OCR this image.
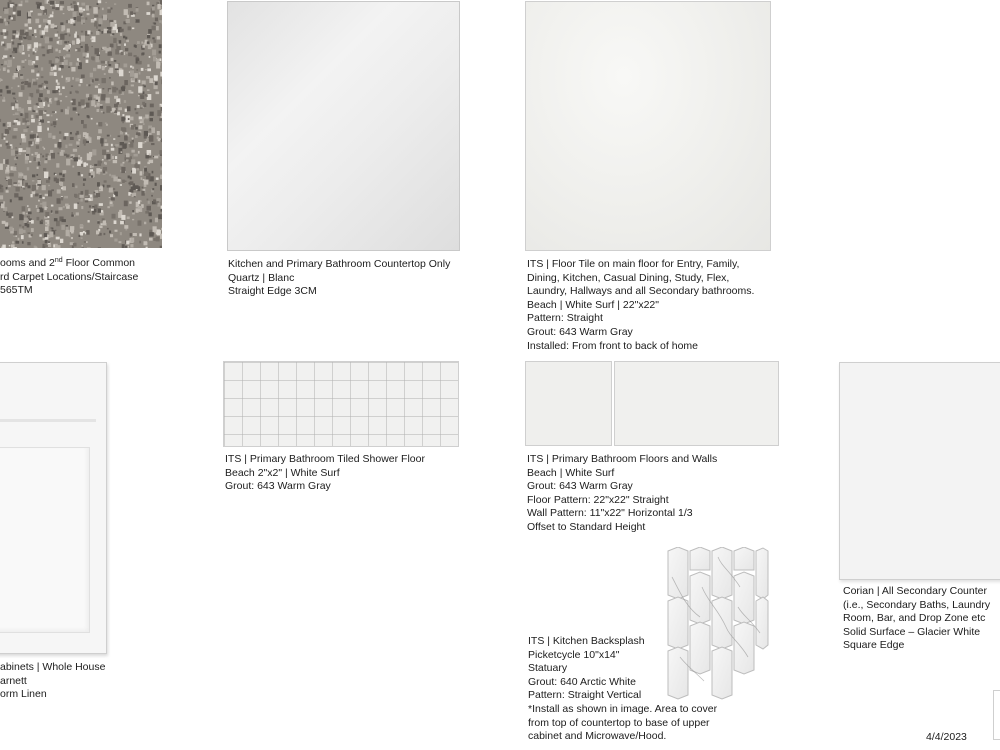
ooms and 2nd Floor Common
rd Carpet Locations/Staircase
565TM
Kitchen and Primary Bathroom Countertop Only
Quartz | Blanc
Straight Edge 3CM
ITS | Floor Tile on main floor for Entry, Family,
Dining, Kitchen, Casual Dining, Study, Flex,
Laundry, Hallways and all Secondary bathrooms.
Beach | White Surf | 22"x22"
Pattern: Straight
Grout: 643 Warm Gray
Installed: From front to back of home
abinets | Whole House
arnett
orm Linen
ITS | Primary Bathroom Tiled Shower Floor
Beach 2"x2" | White Surf
Grout: 643 Warm Gray
ITS | Primary Bathroom Floors and Walls
Beach | White Surf
Grout: 643 Warm Gray
Floor Pattern: 22"x22" Straight
Wall Pattern: 11"x22" Horizontal 1/3
Offset to Standard Height
ITS | Kitchen Backsplash
Picketcycle 10"x14"
Statuary
Grout: 640 Arctic White
Pattern: Straight Vertical
*Install as shown in image. Area to cover
from top of countertop to base of upper
cabinet and Microwave/Hood.
Corian | All Secondary Counter
(i.e., Secondary Baths, Laundry
Room, Bar, and Drop Zone etc
Solid Surface – Glacier White
Square Edge
4/4/2023
